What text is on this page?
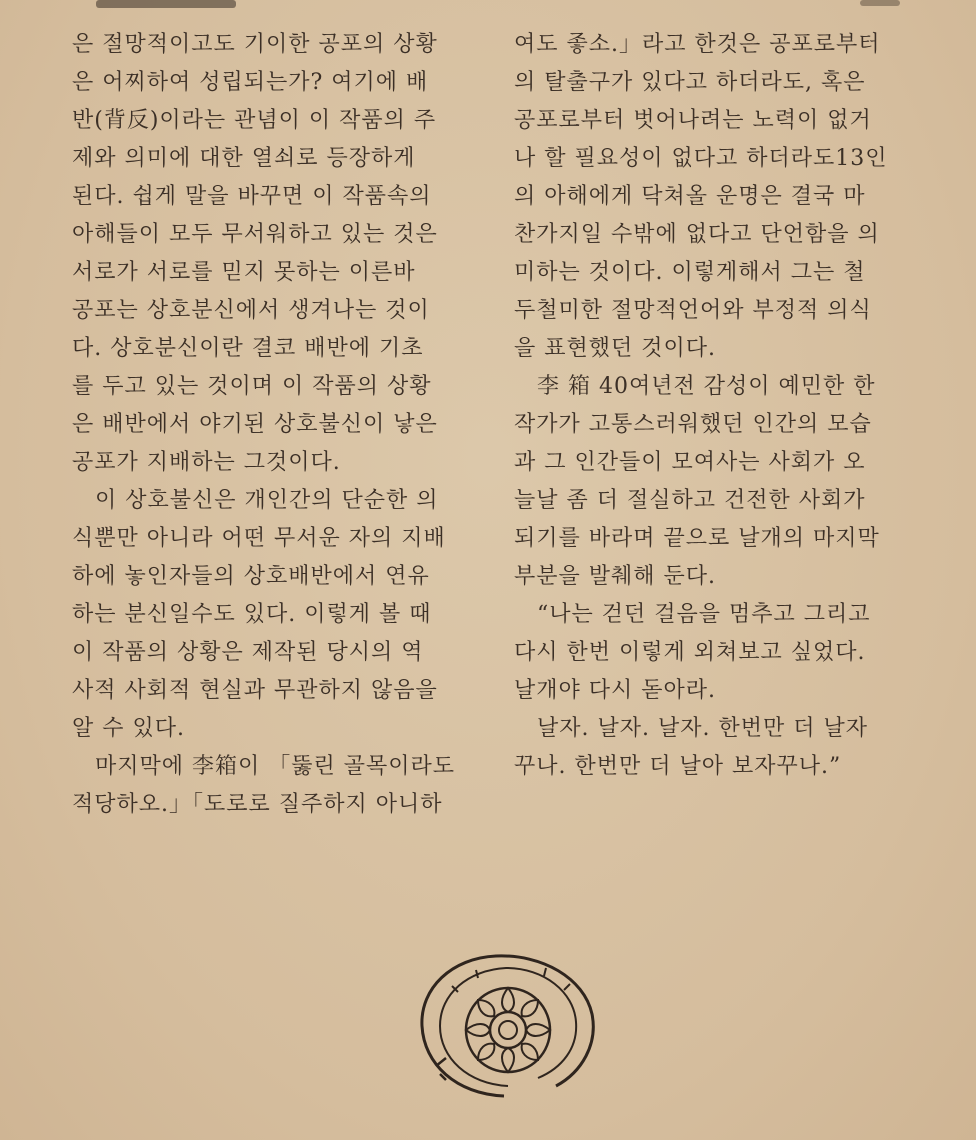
은 절망적이고도 기이한 공포의 상황
은 어찌하여 성립되는가? 여기에 배
반(背反)이라는 관념이 이 작품의 주
제와 의미에 대한 열쇠로 등장하게
된다. 쉽게 말을 바꾸면 이 작품속의
아해들이 모두 무서워하고 있는 것은
서로가 서로를 믿지 못하는 이른바
공포는 상호분신에서 생겨나는 것이
다. 상호분신이란 결코 배반에 기초
를 두고 있는 것이며 이 작품의 상황
은 배반에서 야기된 상호불신이 낳은
공포가 지배하는 그것이다.
　이 상호불신은 개인간의 단순한 의
식뿐만 아니라 어떤 무서운 자의 지배
하에 놓인자들의 상호배반에서 연유
하는 분신일수도 있다. 이렇게 볼 때
이 작품의 상황은 제작된 당시의 역
사적 사회적 현실과 무관하지 않음을
알 수 있다.
　마지막에 李箱이 「뚫린 골목이라도
적당하오.」「도로로 질주하지 아니하
여도 좋소.」라고 한것은 공포로부터
의 탈출구가 있다고 하더라도, 혹은
공포로부터 벗어나려는 노력이 없거
나 할 필요성이 없다고 하더라도13인
의 아해에게 닥쳐올 운명은 결국 마
찬가지일 수밖에 없다고 단언함을 의
미하는 것이다. 이렇게해서 그는 철
두철미한 절망적언어와 부정적 의식
을 표현했던 것이다.
　李 箱 40여년전 감성이 예민한 한
작가가 고통스러워했던 인간의 모습
과 그 인간들이 모여사는 사회가 오
늘날 좀 더 절실하고 건전한 사회가
되기를 바라며 끝으로 날개의 마지막
부분을 발췌해 둔다.
　“나는 걷던 걸음을 멈추고 그리고
다시 한번 이렇게 외쳐보고 싶었다.
날개야 다시 돋아라.
　날자. 날자. 날자. 한번만 더 날자
꾸나. 한번만 더 날아 보자꾸나.”
